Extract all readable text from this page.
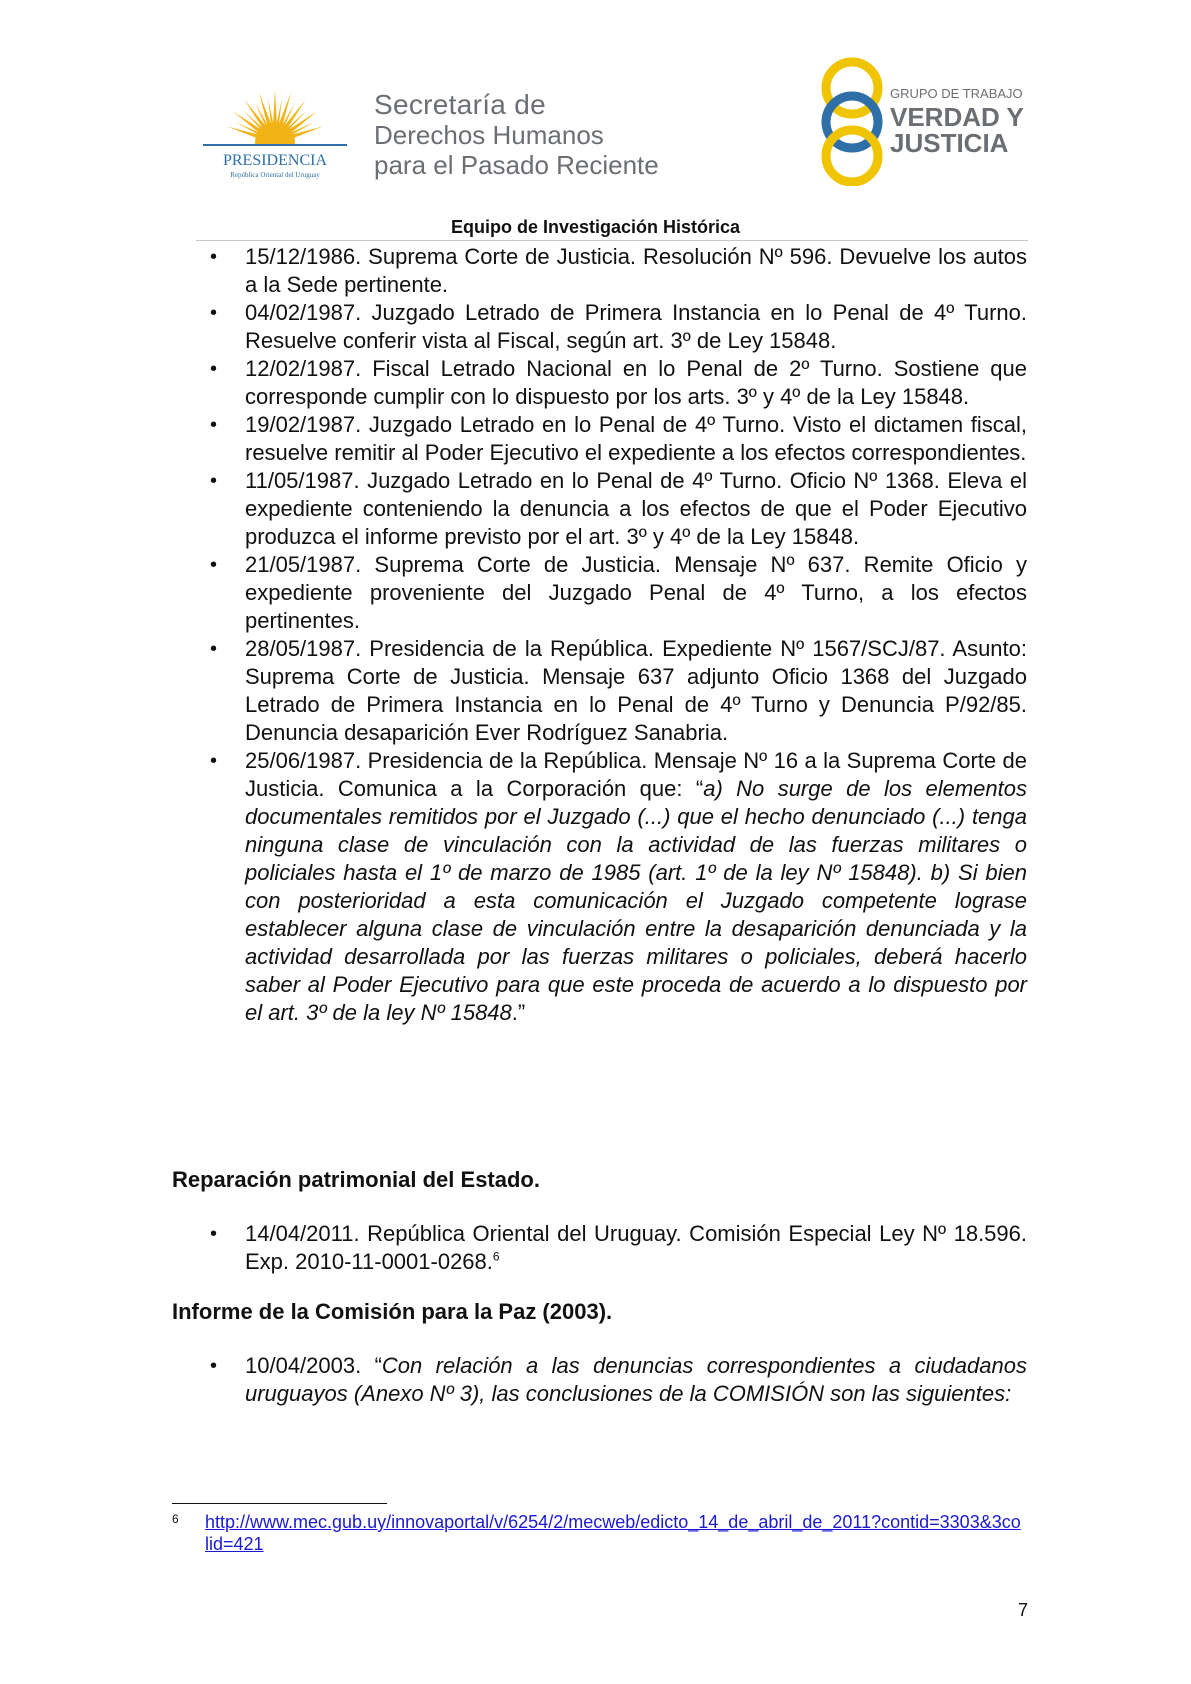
PRESIDENCIA
República Oriental del Uruguay
Secretaría de
Derechos Humanos
para el Pasado Reciente
GRUPO DE TRABAJO
VERDAD Y
JUSTICIA
Equipo de Investigación Histórica
• 15/12/1986. Suprema Corte de Justicia. Resolución Nº 596. Devuelve los autos a la Sede pertinente.
• 04/02/1987. Juzgado Letrado de Primera Instancia en lo Penal de 4º Turno. Resuelve conferir vista al Fiscal, según art. 3º de Ley 15848.
• 12/02/1987. Fiscal Letrado Nacional en lo Penal de 2º Turno. Sostiene que corresponde cumplir con lo dispuesto por los arts. 3º y 4º de la Ley 15848.
• 19/02/1987. Juzgado Letrado en lo Penal de 4º Turno. Visto el dictamen fiscal, resuelve remitir al Poder Ejecutivo el expediente a los efectos correspondientes.
• 11/05/1987. Juzgado Letrado en lo Penal de 4º Turno. Oficio Nº 1368. Eleva el expediente conteniendo la denuncia a los efectos de que el Poder Ejecutivo produzca el informe previsto por el art. 3º y 4º de la Ley 15848.
• 21/05/1987. Suprema Corte de Justicia. Mensaje Nº 637. Remite Oficio y expediente proveniente del Juzgado Penal de 4º Turno, a los efectos pertinentes.
• 28/05/1987. Presidencia de la República. Expediente Nº 1567/SCJ/87. Asunto: Suprema Corte de Justicia. Mensaje 637 adjunto Oficio 1368 del Juzgado Letrado de Primera Instancia en lo Penal de 4º Turno y Denuncia P/92/85. Denuncia desaparición Ever Rodríguez Sanabria.
• 25/06/1987. Presidencia de la República. Mensaje Nº 16 a la Suprema Corte de Justicia. Comunica a la Corporación que: “a) No surge de los elementos documentales remitidos por el Juzgado (...) que el hecho denunciado (...) tenga ninguna clase de vinculación con la actividad de las fuerzas militares o policiales hasta el 1º de marzo de 1985 (art. 1º de la ley Nº 15848). b) Si bien con posterioridad a esta comunicación el Juzgado competente lograse establecer alguna clase de vinculación entre la desaparición denunciada y la actividad desarrollada por las fuerzas militares o policiales, deberá hacerlo saber al Poder Ejecutivo para que este proceda de acuerdo a lo dispuesto por el art. 3º de la ley Nº 15848.”
Reparación patrimonial del Estado.
• 14/04/2011. República Oriental del Uruguay. Comisión Especial Ley Nº 18.596. Exp. 2010-11-0001-0268.$^6$
Informe de la Comisión para la Paz (2003).
• 10/04/2003. “Con relación a las denuncias correspondientes a ciudadanos uruguayos (Anexo Nº 3), las conclusiones de la COMISIÓN son las siguientes:
6 http://www.mec.gub.uy/innovaportal/v/6254/2/mecweb/edicto_14_de_abril_de_2011?contid=3303&3colid=421
7
